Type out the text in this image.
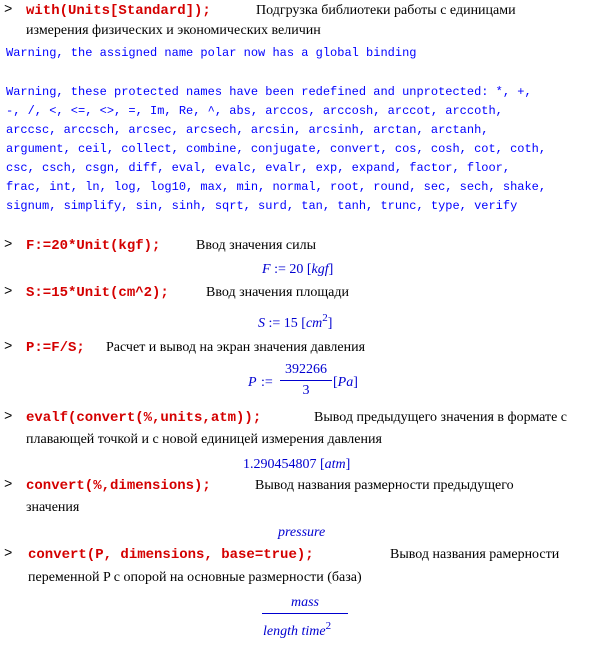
> with(Units[Standard]);	Подгрузка библиотеки работы с единицами
измерения физических и экономических величин
Warning, the assigned name polar now has a global binding
Warning, these protected names have been redefined and unprotected: *, +,
-, /, <, <=, <>, =, Im, Re, ^, abs, arccos, arccosh, arccot, arccoth,
arccsc, arccsch, arcsec, arcsech, arcsin, arcsinh, arctan, arctanh,
argument, ceil, collect, combine, conjugate, convert, cos, cosh, cot, coth,
csc, csch, csgn, diff, eval, evalc, evalr, exp, expand, factor, floor,
frac, int, ln, log, log10, max, min, normal, root, round, sec, sech, shake,
signum, simplify, sin, sinh, sqrt, surd, tan, tanh, trunc, type, verify
> F:=20*Unit(kgf);	Ввод значения силы
F := 20 [kgf]
> S:=15*Unit(cm^2);	Ввод значения площади
S := 15 $[cm^2]$
> P:=F/S; Расчет и вывод на экран значения давления
P :=
392266
3
[Pa]
> evalf(convert(%,units,atm));	Вывод предыдущего значения в формате с
плавающей точкой и с новой единицей измерения давления
1.290454807 [atm]
> convert(%,dimensions);	Вывод названия размерности предыдущего
значения
pressure
> convert(P, dimensions, base=true);	Вывод названия рамерности
переменной P с опорой на основные размерности (база)
mass
length time$^2$
